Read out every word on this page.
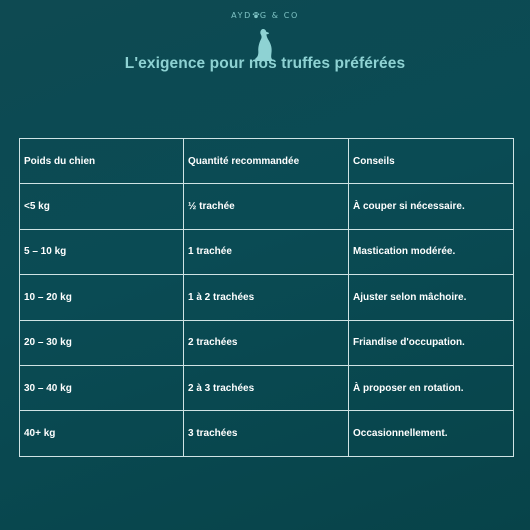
AYD G & CO
L'exigence pour nos truffes préférées
Poids du chien	Quantité recommandée	Conseils
<5 kg	½ trachée	À couper si nécessaire.
5 – 10 kg	1 trachée	Mastication modérée.
10 – 20 kg	1 à 2 trachées	Ajuster selon mâchoire.
20 – 30 kg	2 trachées	Friandise d'occupation.
30 – 40 kg	2 à 3 trachées	À proposer en rotation.
40+ kg	3 trachées	Occasionnellement.
